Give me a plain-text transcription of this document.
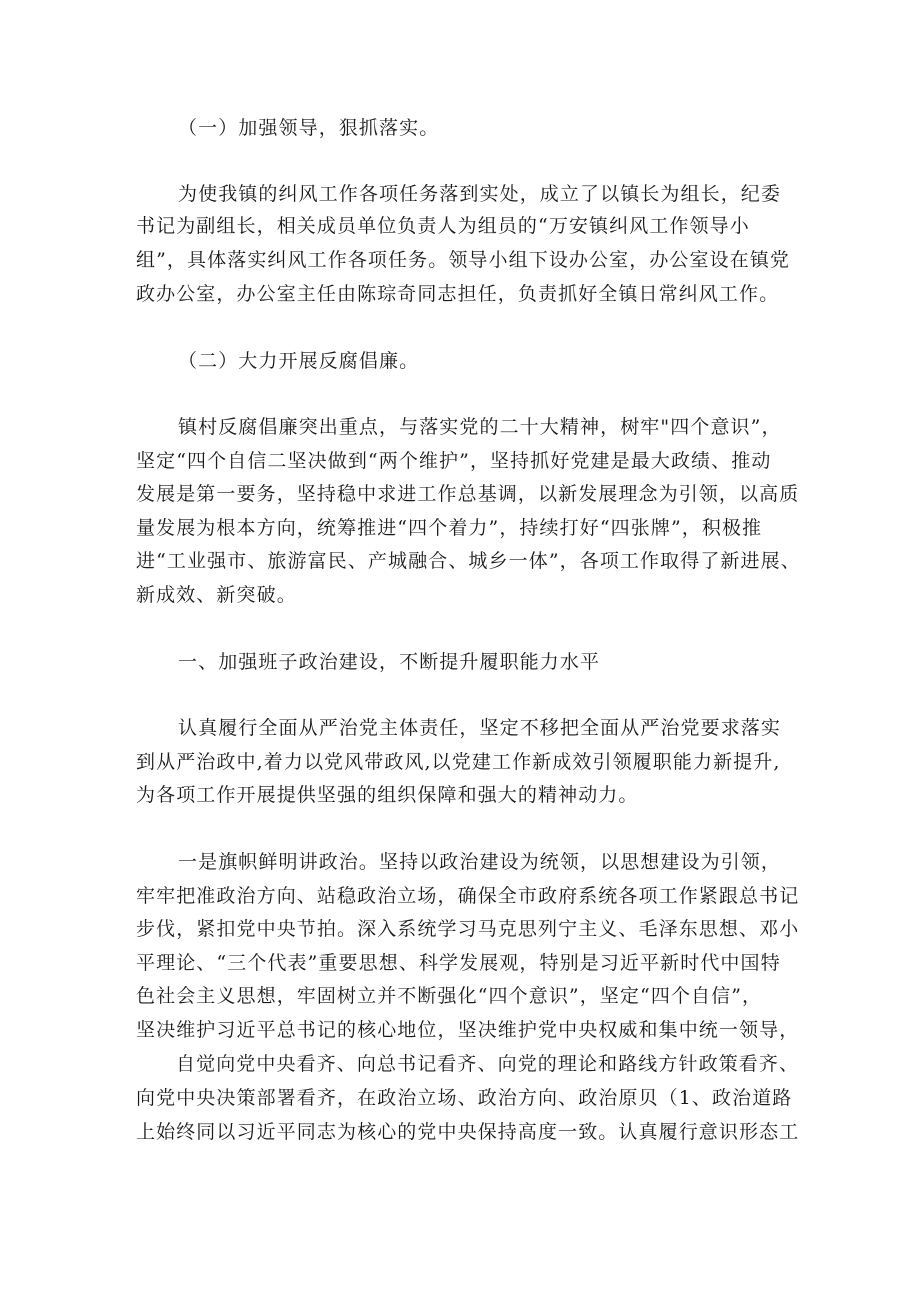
（一）加强领导，狠抓落实。
为使我镇的纠风工作各项任务落到实处，成立了以镇长为组长，纪委
书记为副组长，相关成员单位负责人为组员的“万安镇纠风工作领导小
组”，具体落实纠风工作各项任务。领导小组下设办公室，办公室设在镇党
政办公室，办公室主任由陈琮奇同志担任，负责抓好全镇日常纠风工作。
（二）大力开展反腐倡廉。
镇村反腐倡廉突出重点，与落实党的二十大精神，树牢"四个意识”，
坚定“四个自信二坚决做到“两个维护”，坚持抓好党建是最大政绩、推动
发展是第一要务，坚持稳中求进工作总基调，以新发展理念为引领，以高质
量发展为根本方向，统筹推进“四个着力”，持续打好“四张牌”，积极推
进“工业强市、旅游富民、产城融合、城乡一体”，各项工作取得了新进展、
新成效、新突破。
一、加强班子政治建设，不断提升履职能力水平
认真履行全面从严治党主体责任，坚定不移把全面从严治党要求落实
到从严治政中,着力以党风带政风,以党建工作新成效引领履职能力新提升,
为各项工作开展提供坚强的组织保障和强大的精神动力。
一是旗帜鲜明讲政治。坚持以政治建设为统领，以思想建设为引领，
牢牢把准政治方向、站稳政治立场，确保全市政府系统各项工作紧跟总书记
步伐，紧扣党中央节拍。深入系统学习马克思列宁主义、毛泽东思想、邓小
平理论、“三个代表”重要思想、科学发展观，特别是习近平新时代中国特
色社会主义思想，牢固树立并不断强化“四个意识”，坚定“四个自信”，
坚决维护习近平总书记的核心地位，坚决维护党中央权威和集中统一领导，
自觉向党中央看齐、向总书记看齐、向党的理论和路线方针政策看齐、
向党中央决策部署看齐，在政治立场、政治方向、政治原贝（1、政治道路
上始终同以习近平同志为核心的党中央保持高度一致。认真履行意识形态工
